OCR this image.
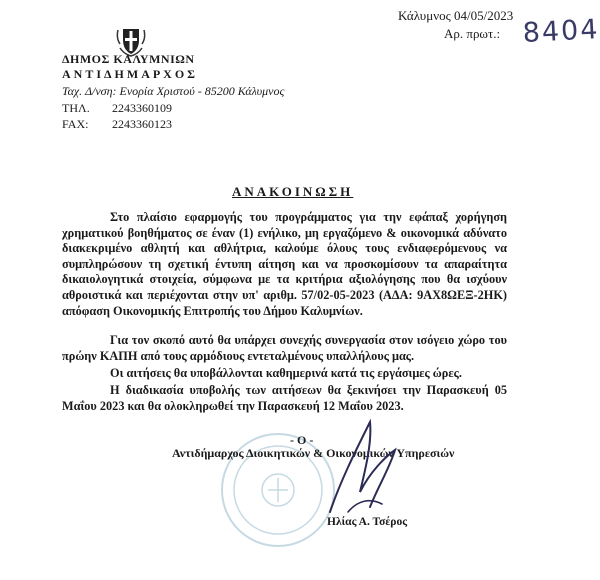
Κάλυμνος 04/05/2023
Αρ. πρωτ.: 8404
ΔΗΜΟΣ ΚΑΛΥΜΝΙΩΝ
ΑΝΤΙΔΗΜΑΡΧΟΣ
Ταχ. Δ/νση: Ενορία Χριστού - 85200 Κάλυμνος
ΤΗΛ. 2243360109
FAX: 2243360123
ΑΝΑΚΟΙΝΩΣΗ
Στο πλαίσιο εφαρμογής του προγράμματος για την εφάπαξ χορήγηση χρηματικού βοηθήματος σε έναν (1) ενήλικο, μη εργαζόμενο & οικονομικά αδύνατο διακεκριμένο αθλητή και αθλήτρια, καλούμε όλους τους ενδιαφερόμενους να συμπληρώσουν τη σχετική έντυπη αίτηση και να προσκομίσουν τα απαραίτητα δικαιολογητικά στοιχεία, σύμφωνα με τα κριτήρια αξιολόγησης που θα ισχύουν αθροιστικά και περιέχονται στην υπ' αριθμ. 57/02-05-2023 (ΑΔΑ: 9ΑΧ8ΩΕΞ-2ΗΚ) απόφαση Οικονομικής Επιτροπής του Δήμου Καλυμνίων.
Για τον σκοπό αυτό θα υπάρχει συνεχής συνεργασία στον ισόγειο χώρο του πρώην ΚΑΠΗ από τους αρμόδιους εντεταλμένους υπαλλήλους μας.
Οι αιτήσεις θα υποβάλλονται καθημερινά κατά τις εργάσιμες ώρες.
Η διαδικασία υποβολής των αιτήσεων θα ξεκινήσει την Παρασκευή 05 Μαΐου 2023 και θα ολοκληρωθεί την Παρασκευή 12 Μαΐου 2023.
- Ο -
Αντιδήμαρχος Διοικητικών & Οικονομικών Υπηρεσιών
Ηλίας Α. Τσέρος
